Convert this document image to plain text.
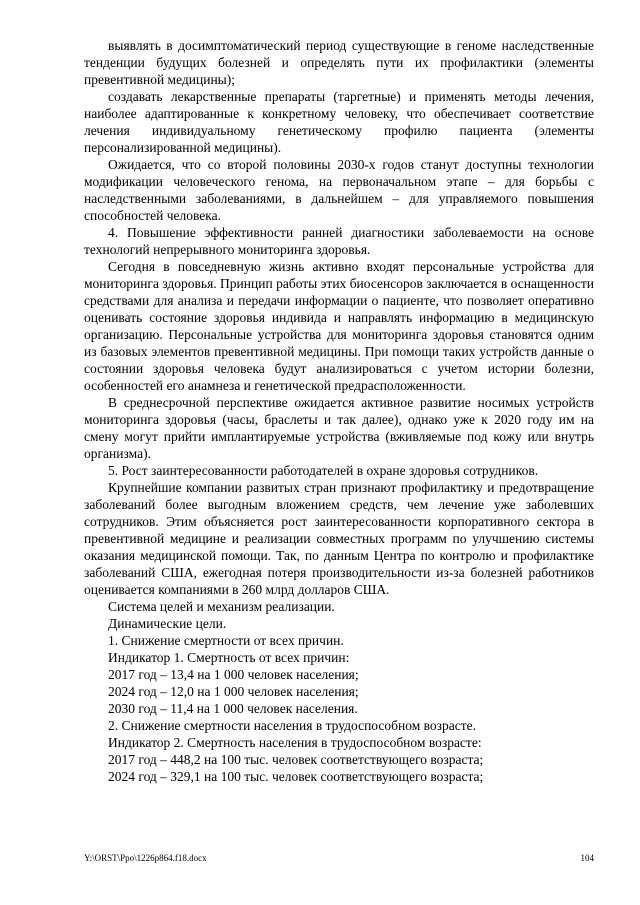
выявлять в досимптоматический период существующие в геноме наследственные тенденции будущих болезней и определять пути их профилактики (элементы превентивной медицины);

создавать лекарственные препараты (таргетные) и применять методы лечения, наиболее адаптированные к конкретному человеку, что обеспечивает соответствие лечения индивидуальному генетическому профилю пациента (элементы персонализированной медицины).

Ожидается, что со второй половины 2030-х годов станут доступны технологии модификации человеческого генома, на первоначальном этапе – для борьбы с наследственными заболеваниями, в дальнейшем – для управляемого повышения способностей человека.

4. Повышение эффективности ранней диагностики заболеваемости на основе технологий непрерывного мониторинга здоровья.

Сегодня в повседневную жизнь активно входят персональные устройства для мониторинга здоровья. Принцип работы этих биосенсоров заключается в оснащенности средствами для анализа и передачи информации о пациенте, что позволяет оперативно оценивать состояние здоровья индивида и направлять информацию в медицинскую организацию. Персональные устройства для мониторинга здоровья становятся одним из базовых элементов превентивной медицины. При помощи таких устройств данные о состоянии здоровья человека будут анализироваться с учетом истории болезни, особенностей его анамнеза и генетической предрасположенности.

В среднесрочной перспективе ожидается активное развитие носимых устройств мониторинга здоровья (часы, браслеты и так далее), однако уже к 2020 году им на смену могут прийти имплантируемые устройства (вживляемые под кожу или внутрь организма).

5. Рост заинтересованности работодателей в охране здоровья сотрудников.

Крупнейшие компании развитых стран признают профилактику и предотвращение заболеваний более выгодным вложением средств, чем лечение уже заболевших сотрудников. Этим объясняется рост заинтересованности корпоративного сектора в превентивной медицине и реализации совместных программ по улучшению системы оказания медицинской помощи. Так, по данным Центра по контролю и профилактике заболеваний США, ежегодная потеря производительности из-за болезней работников оценивается компаниями в 260 млрд долларов США.

Система целей и механизм реализации.

Динамические цели.

1. Снижение смертности от всех причин.

Индикатор 1. Смертность от всех причин:

2017 год – 13,4 на 1 000 человек населения;

2024 год – 12,0 на 1 000 человек населения;

2030 год – 11,4 на 1 000 человек населения.

2. Снижение смертности населения в трудоспособном возрасте.

Индикатор 2. Смертность населения в трудоспособном возрасте:

2017 год – 448,2 на 100 тыс. человек соответствующего возраста;

2024 год – 329,1 на 100 тыс. человек соответствующего возраста;

Y:\ORST\Ppo\1226p864.f18.docx	104
